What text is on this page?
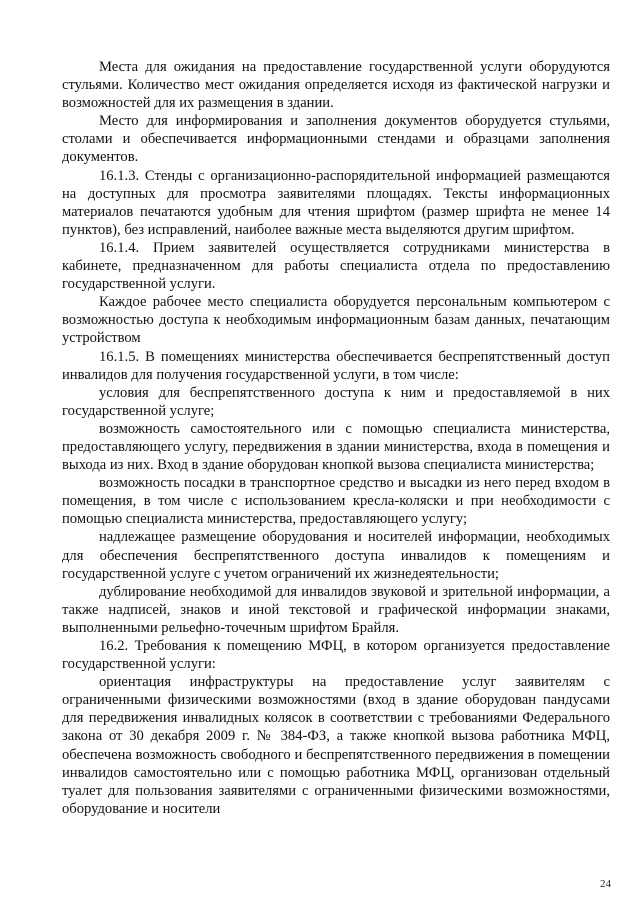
Места для ожидания на предоставление государственной услуги оборудуются стульями. Количество мест ожидания определяется исходя из фактической нагрузки и возможностей для их размещения в здании.

Место для информирования и заполнения документов оборудуется стульями, столами и обеспечивается информационными стендами и образцами заполнения документов.

16.1.3. Стенды с организационно-распорядительной информацией размещаются на доступных для просмотра заявителями площадях. Тексты информационных материалов печатаются удобным для чтения шрифтом (размер шрифта не менее 14 пунктов), без исправлений, наиболее важные места выделяются другим шрифтом.

16.1.4. Прием заявителей осуществляется сотрудниками министерства в кабинете, предназначенном для работы специалиста отдела по предоставлению государственной услуги.

Каждое рабочее место специалиста оборудуется персональным компьютером с возможностью доступа к необходимым информационным базам данных, печатающим устройством

16.1.5. В помещениях министерства обеспечивается беспрепятственный доступ инвалидов для получения государственной услуги, в том числе:

условия для беспрепятственного доступа к ним и предоставляемой в них государственной услуге;

возможность самостоятельного или с помощью специалиста министерства, предоставляющего услугу, передвижения в здании министерства, входа в помещения и выхода из них. Вход в здание оборудован кнопкой вызова специалиста министерства;

возможность посадки в транспортное средство и высадки из него перед входом в помещения, в том числе с использованием кресла-коляски и при необходимости с помощью специалиста министерства, предоставляющего услугу;

надлежащее размещение оборудования и носителей информации, необходимых для обеспечения беспрепятственного доступа инвалидов к помещениям и государственной услуге с учетом ограничений их жизнедеятельности;

дублирование необходимой для инвалидов звуковой и зрительной информации, а также надписей, знаков и иной текстовой и графической информации знаками, выполненными рельефно-точечным шрифтом Брайля.

16.2. Требования к помещению МФЦ, в котором организуется предоставление государственной услуги:

ориентация инфраструктуры на предоставление услуг заявителям с ограниченными физическими возможностями (вход в здание оборудован пандусами для передвижения инвалидных колясок в соответствии с требованиями Федерального закона от 30 декабря 2009 г. № 384-ФЗ, а также кнопкой вызова работника МФЦ, обеспечена возможность свободного и беспрепятственного передвижения в помещении инвалидов самостоятельно или с помощью работника МФЦ, организован отдельный туалет для пользования заявителями с ограниченными физическими возможностями, оборудование и носители

24
